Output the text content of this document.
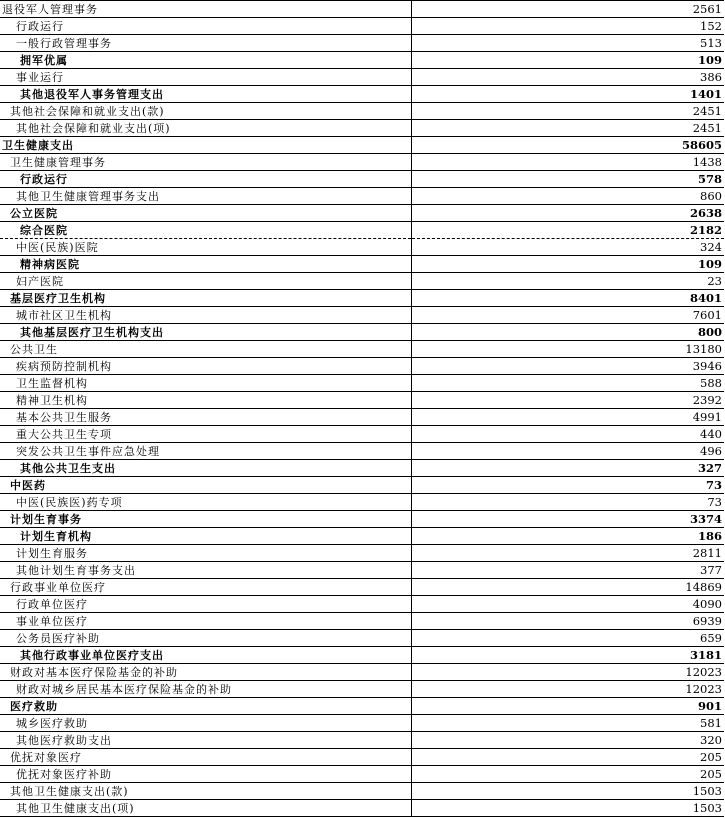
退役军人管理事务	2561
行政运行	152
一般行政管理事务	513
拥军优属	109
事业运行	386
其他退役军人事务管理支出	1401
其他社会保障和就业支出(款)	2451
其他社会保障和就业支出(项)	2451
卫生健康支出	58605
卫生健康管理事务	1438
行政运行	578
其他卫生健康管理事务支出	860
公立医院	2638
综合医院	2182
中医(民族)医院	324
精神病医院	109
妇产医院	23
基层医疗卫生机构	8401
城市社区卫生机构	7601
其他基层医疗卫生机构支出	800
公共卫生	13180
疾病预防控制机构	3946
卫生监督机构	588
精神卫生机构	2392
基本公共卫生服务	4991
重大公共卫生专项	440
突发公共卫生事件应急处理	496
其他公共卫生支出	327
中医药	73
中医(民族医)药专项	73
计划生育事务	3374
计划生育机构	186
计划生育服务	2811
其他计划生育事务支出	377
行政事业单位医疗	14869
行政单位医疗	4090
事业单位医疗	6939
公务员医疗补助	659
其他行政事业单位医疗支出	3181
财政对基本医疗保险基金的补助	12023
财政对城乡居民基本医疗保险基金的补助	12023
医疗救助	901
城乡医疗救助	581
其他医疗救助支出	320
优抚对象医疗	205
优抚对象医疗补助	205
其他卫生健康支出(款)	1503
其他卫生健康支出(项)	1503
